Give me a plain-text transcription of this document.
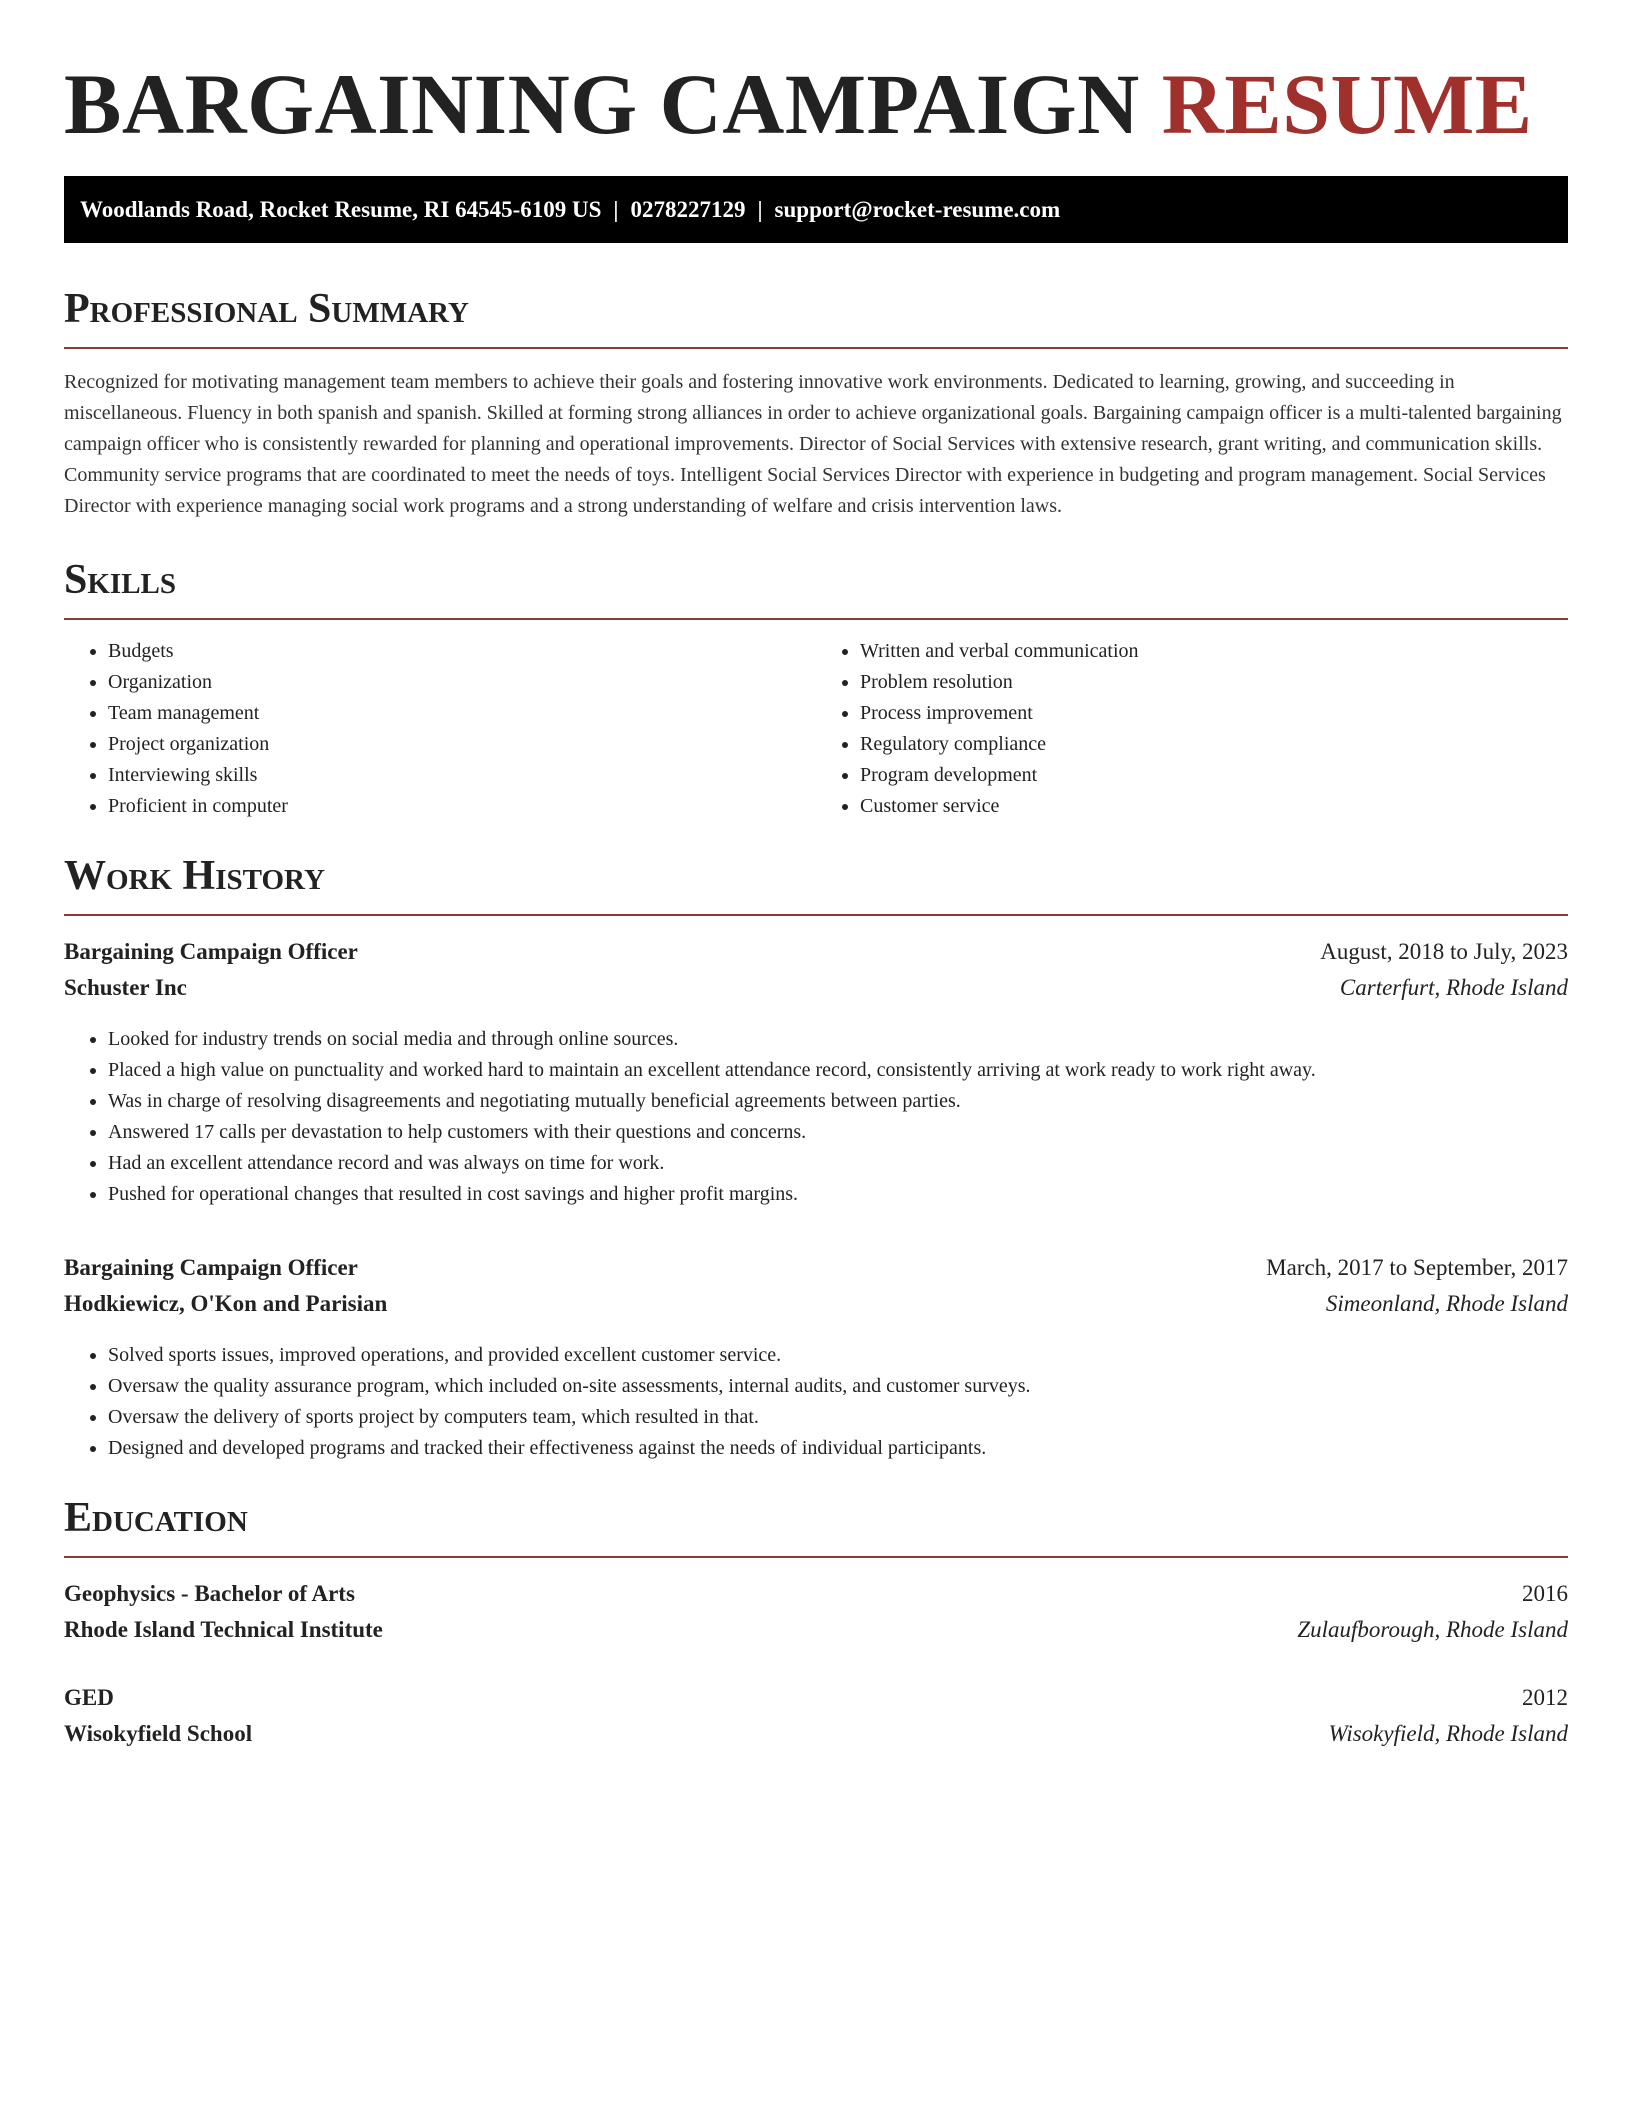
BARGAINING CAMPAIGN RESUME
Woodlands Road, Rocket Resume, RI 64545-6109 US | 0278227129 | support@rocket-resume.com
Professional Summary

Recognized for motivating management team members to achieve their goals and fostering innovative work environments. Dedicated to learning, growing, and succeeding in miscellaneous. Fluency in both spanish and spanish. Skilled at forming strong alliances in order to achieve organizational goals. Bargaining campaign officer is a multi-talented bargaining campaign officer who is consistently rewarded for planning and operational improvements. Director of Social Services with extensive research, grant writing, and communication skills. Community service programs that are coordinated to meet the needs of toys. Intelligent Social Services Director with experience in budgeting and program management. Social Services Director with experience managing social work programs and a strong understanding of welfare and crisis intervention laws.

Skills
• Budgets
• Organization
• Team management
• Project organization
• Interviewing skills
• Proficient in computer
• Written and verbal communication
• Problem resolution
• Process improvement
• Regulatory compliance
• Program development
• Customer service
Work History
Bargaining Campaign Officer	August, 2018 to July, 2023
Schuster Inc	Carterfurt, Rhode Island
• Looked for industry trends on social media and through online sources.
• Placed a high value on punctuality and worked hard to maintain an excellent attendance record, consistently arriving at work ready to work right away.
• Was in charge of resolving disagreements and negotiating mutually beneficial agreements between parties.
• Answered 17 calls per devastation to help customers with their questions and concerns.
• Had an excellent attendance record and was always on time for work.
• Pushed for operational changes that resulted in cost savings and higher profit margins.
Bargaining Campaign Officer	March, 2017 to September, 2017
Hodkiewicz, O'Kon and Parisian	Simeonland, Rhode Island
• Solved sports issues, improved operations, and provided excellent customer service.
• Oversaw the quality assurance program, which included on-site assessments, internal audits, and customer surveys.
• Oversaw the delivery of sports project by computers team, which resulted in that.
• Designed and developed programs and tracked their effectiveness against the needs of individual participants.
Education
Geophysics - Bachelor of Arts	2016
Rhode Island Technical Institute	Zulaufborough, Rhode Island
GED	2012
Wisokyfield School	Wisokyfield, Rhode Island
